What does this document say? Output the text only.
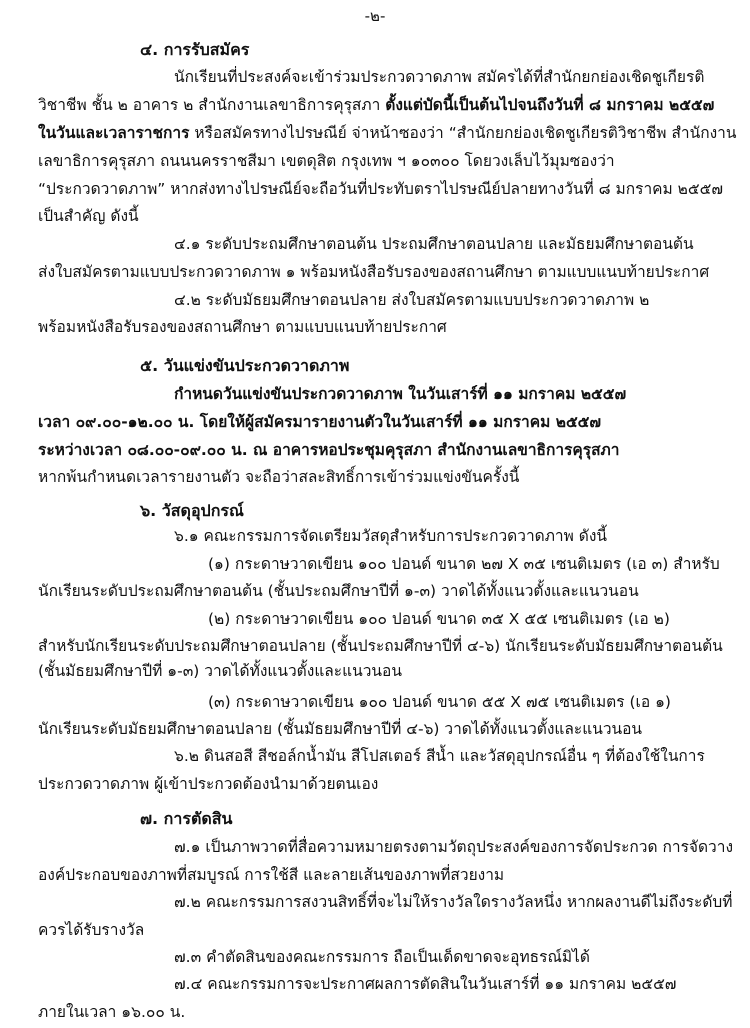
-๒-
๔. การรับสมัคร
นักเรียนที่ประสงค์จะเข้าร่วมประกวดวาดภาพ สมัครได้ที่สำนักยกย่องเชิดชูเกียรติ
วิชาชีพ ชั้น ๒ อาคาร ๒ สำนักงานเลขาธิการคุรุสภา ตั้งแต่บัดนี้เป็นต้นไปจนถึงวันที่ ๘ มกราคม ๒๕๕๗
ในวันและเวลาราชการ หรือสมัครทางไปรษณีย์ จ่าหน้าซองว่า “สำนักยกย่องเชิดชูเกียรติวิชาชีพ สำนักงาน
เลขาธิการคุรุสภา ถนนนครราชสีมา เขตดุสิต กรุงเทพ ฯ ๑๐๓๐๐ โดยวงเล็บไว้มุมซองว่า
“ประกวดวาดภาพ” หากส่งทางไปรษณีย์จะถือวันที่ประทับตราไปรษณีย์ปลายทางวันที่ ๘ มกราคม ๒๕๕๗
เป็นสำคัญ ดังนี้
๔.๑ ระดับประถมศึกษาตอนต้น ประถมศึกษาตอนปลาย และมัธยมศึกษาตอนต้น
ส่งใบสมัครตามแบบประกวดวาดภาพ ๑ พร้อมหนังสือรับรองของสถานศึกษา ตามแบบแนบท้ายประกาศ
๔.๒ ระดับมัธยมศึกษาตอนปลาย ส่งใบสมัครตามแบบประกวดวาดภาพ ๒
พร้อมหนังสือรับรองของสถานศึกษา ตามแบบแนบท้ายประกาศ
๕. วันแข่งขันประกวดวาดภาพ
กำหนดวันแข่งขันประกวดวาดภาพ ในวันเสาร์ที่ ๑๑ มกราคม ๒๕๕๗
เวลา ๐๙.๐๐-๑๒.๐๐ น. โดยให้ผู้สมัครมารายงานตัวในวันเสาร์ที่ ๑๑ มกราคม ๒๕๕๗
ระหว่างเวลา ๐๘.๐๐-๐๙.๐๐ น. ณ อาคารหอประชุมคุรุสภา สำนักงานเลขาธิการคุรุสภา
หากพ้นกำหนดเวลารายงานตัว จะถือว่าสละสิทธิ์การเข้าร่วมแข่งขันครั้งนี้
๖. วัสดุอุปกรณ์
๖.๑ คณะกรรมการจัดเตรียมวัสดุสำหรับการประกวดวาดภาพ ดังนี้
(๑) กระดาษวาดเขียน ๑๐๐ ปอนด์ ขนาด ๒๗ X ๓๕ เซนติเมตร (เอ ๓) สำหรับ
นักเรียนระดับประถมศึกษาตอนต้น (ชั้นประถมศึกษาปีที่ ๑-๓) วาดได้ทั้งแนวตั้งและแนวนอน
(๒) กระดาษวาดเขียน ๑๐๐ ปอนด์ ขนาด ๓๕ X ๕๕ เซนติเมตร (เอ ๒)
สำหรับนักเรียนระดับประถมศึกษาตอนปลาย (ชั้นประถมศึกษาปีที่ ๔-๖) นักเรียนระดับมัธยมศึกษาตอนต้น
(ชั้นมัธยมศึกษาปีที่ ๑-๓) วาดได้ทั้งแนวตั้งและแนวนอน
(๓) กระดาษวาดเขียน ๑๐๐ ปอนด์ ขนาด ๕๕ X ๗๕ เซนติเมตร (เอ ๑)
นักเรียนระดับมัธยมศึกษาตอนปลาย (ชั้นมัธยมศึกษาปีที่ ๔-๖) วาดได้ทั้งแนวตั้งและแนวนอน
๖.๒ ดินสอสี สีชอล์กน้ำมัน สีโปสเตอร์ สีน้ำ และวัสดุอุปกรณ์อื่น ๆ ที่ต้องใช้ในการ
ประกวดวาดภาพ ผู้เข้าประกวดต้องนำมาด้วยตนเอง
๗. การตัดสิน
๗.๑ เป็นภาพวาดที่สื่อความหมายตรงตามวัตถุประสงค์ของการจัดประกวด การจัดวาง
องค์ประกอบของภาพที่สมบูรณ์ การใช้สี และลายเส้นของภาพที่สวยงาม
๗.๒ คณะกรรมการสงวนสิทธิ์ที่จะไม่ให้รางวัลใดรางวัลหนึ่ง หากผลงานดีไม่ถึงระดับที่
ควรได้รับรางวัล
๗.๓ คำตัดสินของคณะกรรมการ ถือเป็นเด็ดขาดจะอุทธรณ์มิได้
๗.๔ คณะกรรมการจะประกาศผลการตัดสินในวันเสาร์ที่ ๑๑ มกราคม ๒๕๕๗
ภายในเวลา ๑๖.๐๐ น.
